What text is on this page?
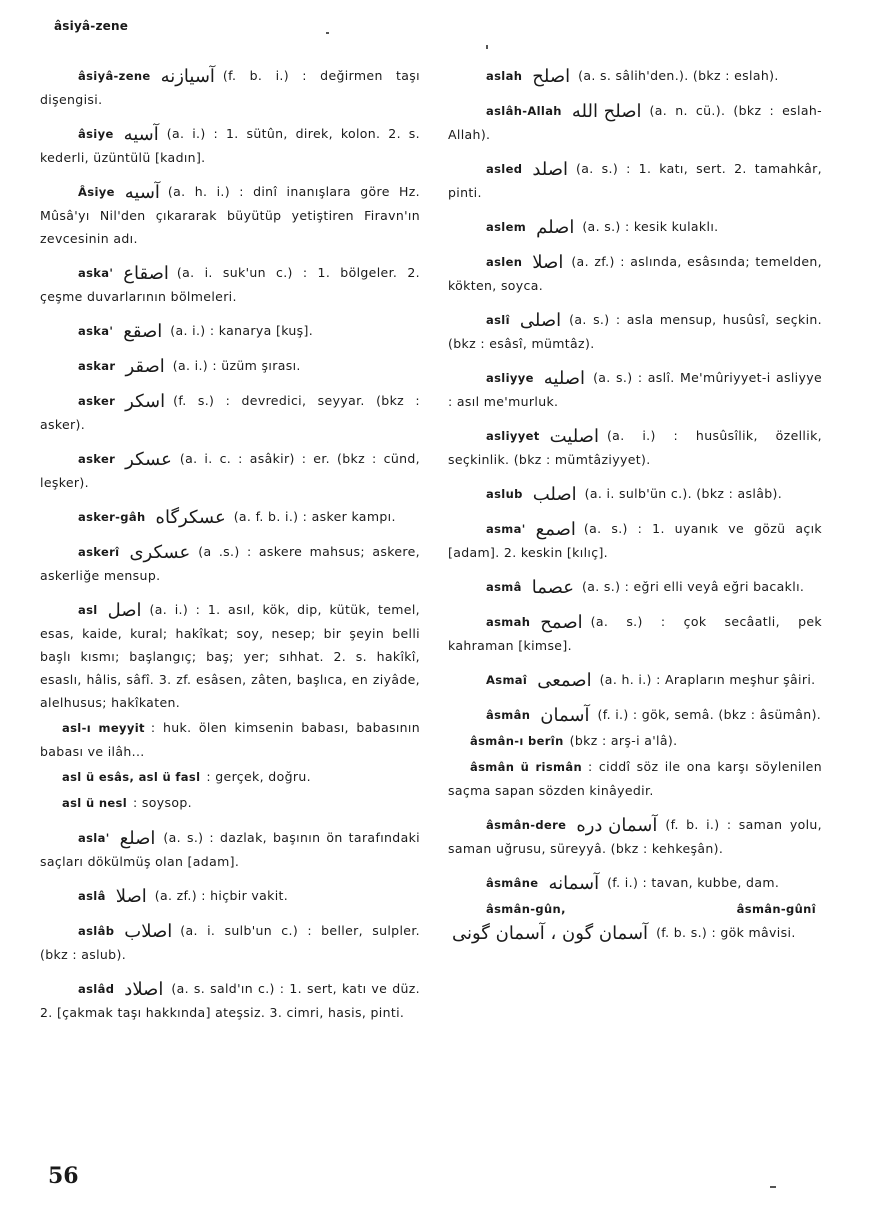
âsiyâ-zene
âsiyâ-zene آسیازنه (f. b. i.) : değirmen taşı dişengisi.
âsiye آسیه (a. i.) : 1. sütûn, direk, kolon. 2. s. kederli, üzüntülü [kadın].
Âsiye آسیه (a. h. i.) : dinî inanışlara göre Hz. Mûsâ'yı Nil'den çıkararak büyütüp yetiştiren Firavn'ın zevcesinin adı.
aska' اصقاع (a. i. suk'un c.) : 1. bölgeler. 2. çeşme duvarlarının bölmeleri.
aska' اصقع (a. i.) : kanarya [kuş].
askar اصقر (a. i.) : üzüm şırası.
asker اسکر (f. s.) : devredici, seyyar. (bkz : asker).
asker عسکر (a. i. c. : asâkir) : er. (bkz : cünd, leşker).
asker-gâh عسکرگاه (a. f. b. i.) : asker kampı.
askerî عسکری (a .s.) : askere mahsus; askere, askerliğe mensup.
asl اصل (a. i.) : 1. asıl, kök, dip, kütük, temel, esas, kaide, kural; hakîkat; soy, nesep; bir şeyin belli başlı kısmı; başlangıç; baş; yer; sıhhat. 2. s. hakîkî, esaslı, hâlis, sâfî. 3. zf. esâsen, zâten, başlıca, en ziyâde, alelhusus; hakîkaten.
asl-ı meyyit : huk. ölen kimsenin babası, babasının babası ve ilâh...
asl ü esâs, asl ü fasl : gerçek, doğru.
asl ü nesl : soysop.
asla' اصلع (a. s.) : dazlak, başının ön tarafındaki saçları dökülmüş olan [adam].
aslâ اصلا (a. zf.) : hiçbir vakit.
aslâb اصلاب (a. i. sulb'un c.) : beller, sulpler. (bkz : aslub).
aslâd اصلاد (a. s. sald'ın c.) : 1. sert, katı ve düz. 2. [çakmak taşı hakkında] ateşsiz. 3. cimri, hasis, pinti.
aslah اصلح (a. s. sâlih'den.). (bkz : eslah).
aslâh-Allah اصلح الله (a. n. cü.). (bkz : eslah-Allah).
asled اصلد (a. s.) : 1. katı, sert. 2. tamahkâr, pinti.
aslem اصلم (a. s.) : kesik kulaklı.
aslen اصلا (a. zf.) : aslında, esâsında; temelden, kökten, soyca.
aslî اصلی (a. s.) : asla mensup, husûsî, seçkin. (bkz : esâsî, mümtâz).
asliyye اصلیه (a. s.) : aslî. Me'mûriyyet-i asliyye : asıl me'murluk.
asliyyet اصلیت (a. i.) : husûsîlik, özellik, seçkinlik. (bkz : mümtâziyyet).
aslub اصلب (a. i. sulb'ün c.). (bkz : aslâb).
asma' اصمع (a. s.) : 1. uyanık ve gözü açık [adam]. 2. keskin [kılıç].
asmâ عصما (a. s.) : eğri elli veyâ eğri bacaklı.
asmah اصمح (a. s.) : çok secâatli, pek kahraman [kimse].
Asmaî اصمعی (a. h. i.) : Arapların meşhur şâiri.
âsmân آسمان (f. i.) : gök, semâ. (bkz : âsümân).
âsmân-ı berîn (bkz : arş-i a'lâ).
âsmân ü rismân : ciddî söz ile ona karşı söylenilen saçma sapan sözden kinâyedir.
âsmân-dere آسمان دره (f. b. i.) : saman yolu, saman uğrusu, süreyyâ. (bkz : kehkeşân).
âsmâne آسمانه (f. i.) : tavan, kubbe, dam.
âsmân-gûn, âsmân-gûnîآسمان گون ، آسمان گونی (f. b. s.) : gök mâvisi.
56
